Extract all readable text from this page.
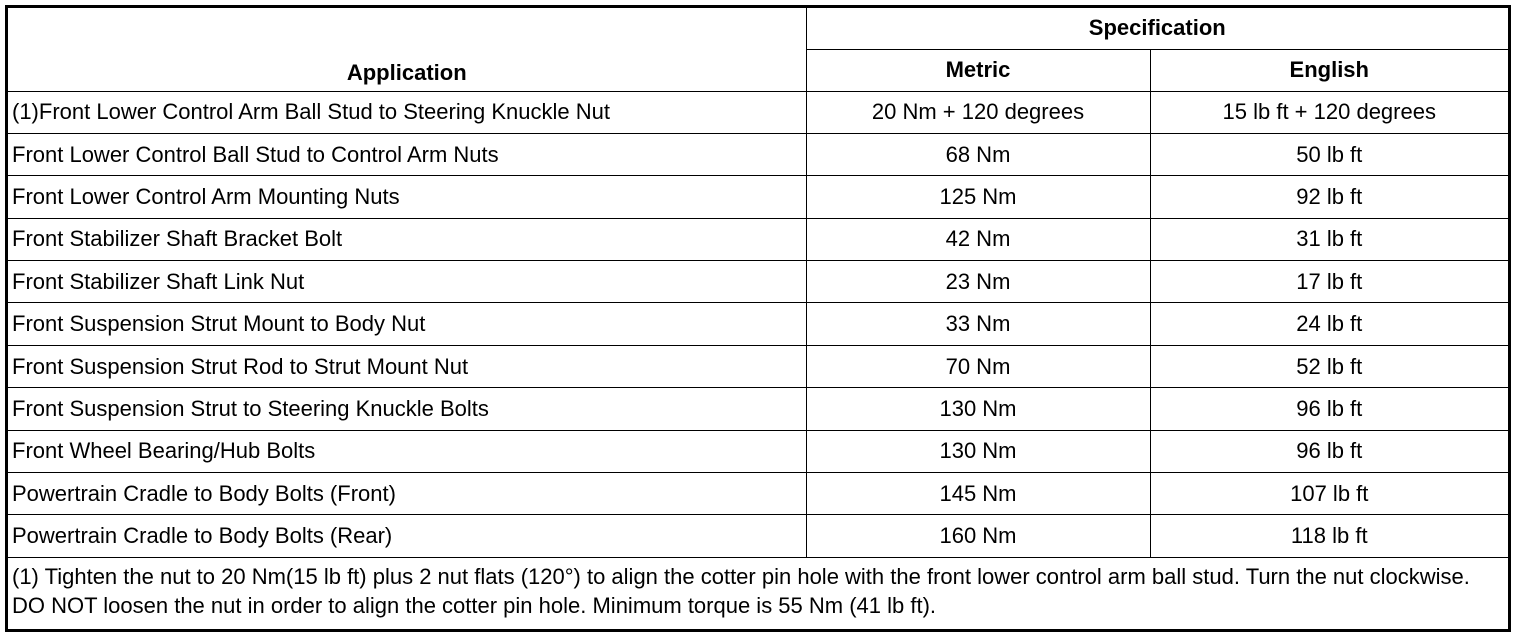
Application	Specification	
	Metric	English
(1)Front Lower Control Arm Ball Stud to Steering Knuckle Nut	20 Nm + 120 degrees	15 lb ft + 120 degrees
Front Lower Control Ball Stud to Control Arm Nuts	68 Nm	50 lb ft
Front Lower Control Arm Mounting Nuts	125 Nm	92 lb ft
Front Stabilizer Shaft Bracket Bolt	42 Nm	31 lb ft
Front Stabilizer Shaft Link Nut	23 Nm	17 lb ft
Front Suspension Strut Mount to Body Nut	33 Nm	24 lb ft
Front Suspension Strut Rod to Strut Mount Nut	70 Nm	52 lb ft
Front Suspension Strut to Steering Knuckle Bolts	130 Nm	96 lb ft
Front Wheel Bearing/Hub Bolts	130 Nm	96 lb ft
Powertrain Cradle to Body Bolts (Front)	145 Nm	107 lb ft
Powertrain Cradle to Body Bolts (Rear)	160 Nm	118 lb ft
(1) Tighten the nut to 20 Nm(15 lb ft) plus 2 nut flats (120°) to align the cotter pin hole with the front lower control arm ball stud. Turn the nut clockwise. DO NOT loosen the nut in order to align the cotter pin hole. Minimum torque is 55 Nm (41 lb ft).		
